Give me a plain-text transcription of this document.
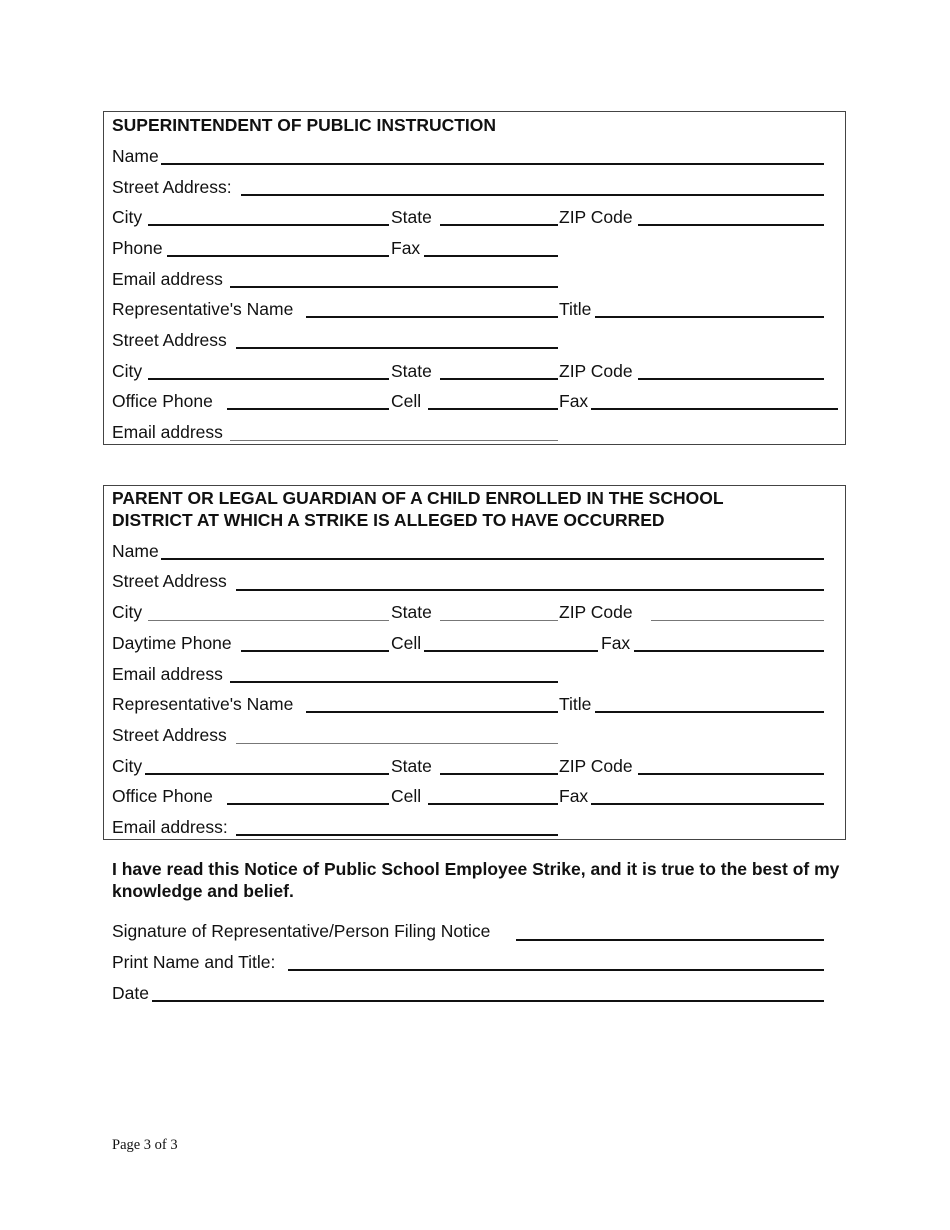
SUPERINTENDENT OF PUBLIC INSTRUCTION
Name
Street Address:
City	State	ZIP Code
Phone	Fax
Email address
Representative's Name	Title
Street Address
City	State	ZIP Code
Office Phone	Cell	Fax
Email address
PARENT OR LEGAL GUARDIAN OF A CHILD ENROLLED IN THE SCHOOL
DISTRICT AT WHICH A STRIKE IS ALLEGED TO HAVE OCCURRED
Name
Street Address
City	State	ZIP Code
Daytime Phone	Cell	Fax
Email address
Representative's Name	Title
Street Address
City	State	ZIP Code
Office Phone	Cell	Fax
Email address:
I have read this Notice of Public School Employee Strike, and it is true to the best of my knowledge and belief.
Signature of Representative/Person Filing Notice
Print Name and Title:
Date
Page 3 of 3
